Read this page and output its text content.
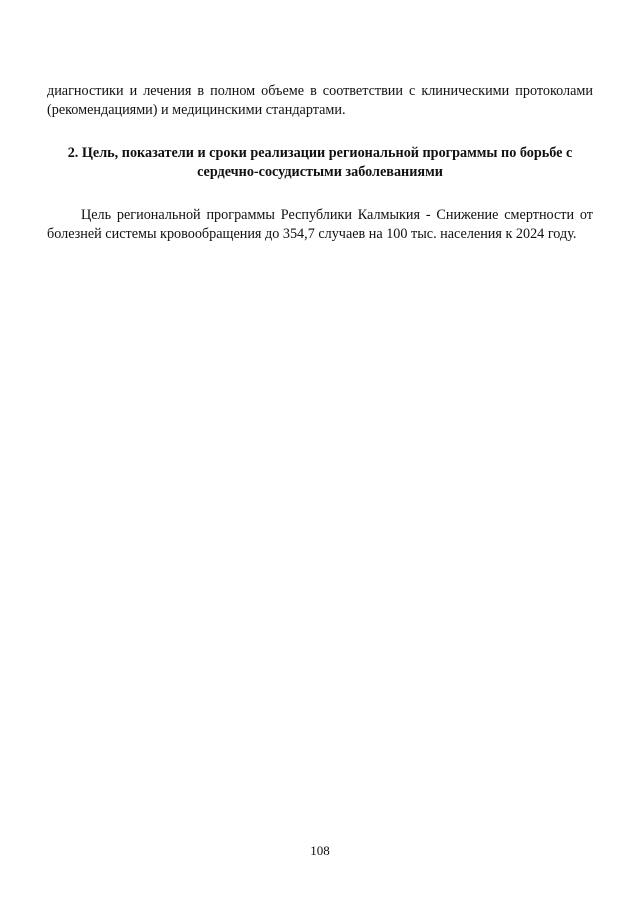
диагностики и лечения в полном объеме в соответствии с клиническими протоколами (рекомендациями) и медицинскими стандартами.

2. Цель, показатели и сроки реализации региональной программы по борьбе с сердечно-сосудистыми заболеваниями

Цель региональной программы Республики Калмыкия - Снижение смертности от болезней системы кровообращения до 354,7 случаев на 100 тыс. населения к 2024 году.

108
